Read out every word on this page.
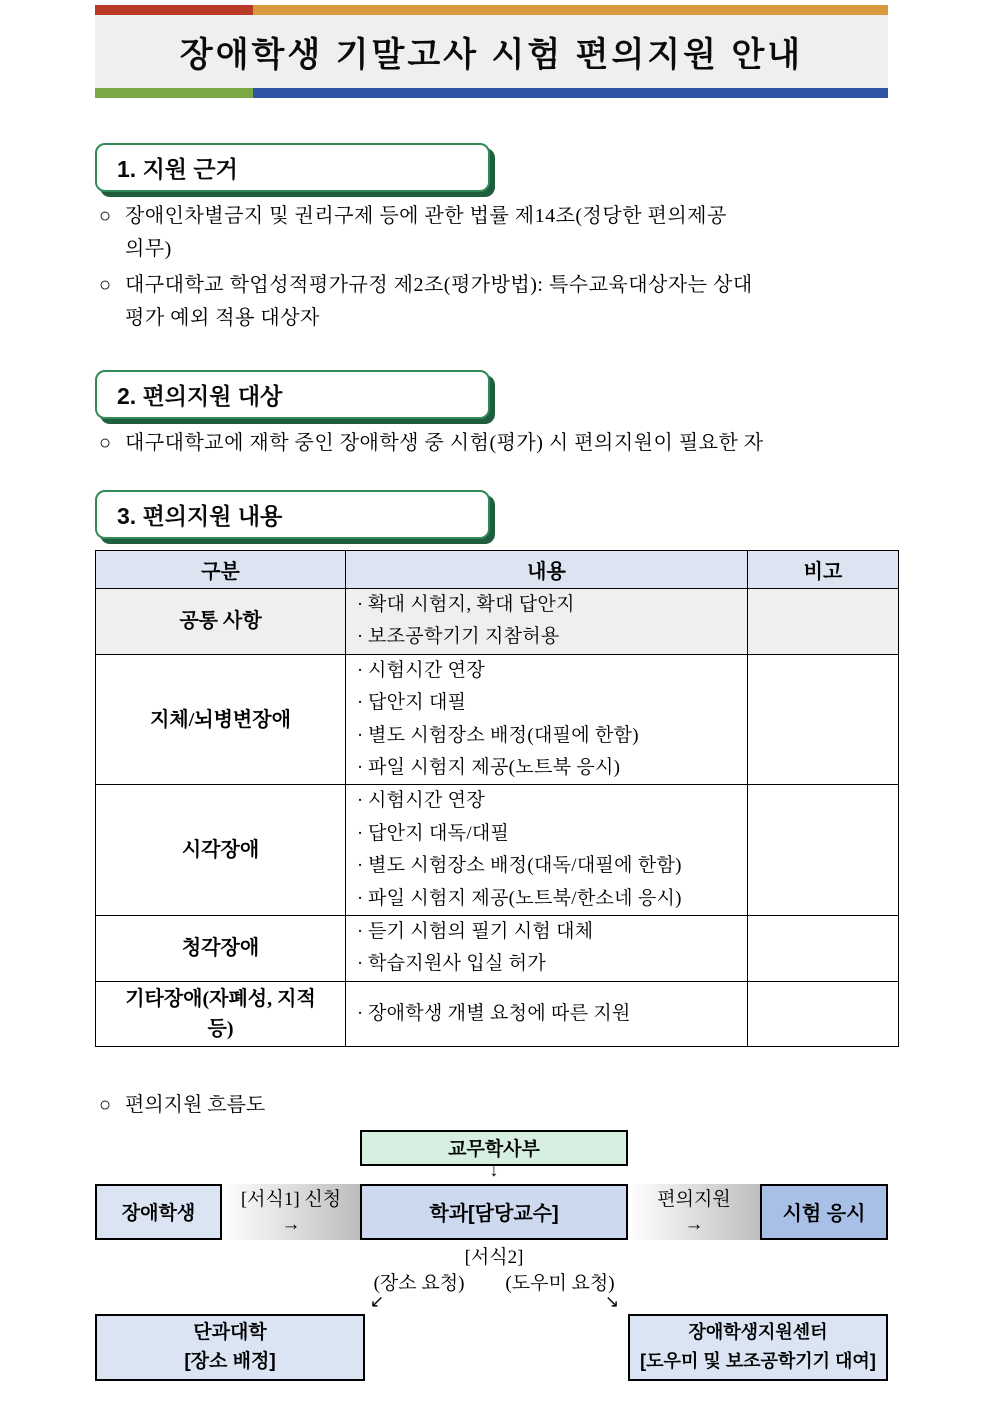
장애학생 기말고사 시험 편의지원 안내
1. 지원 근거
○ 장애인차별금지 및 권리구제 등에 관한 법률 제14조(정당한 편의제공
의무)
○ 대구대학교 학업성적평가규정 제2조(평가방법): 특수교육대상자는 상대
평가 예외 적용 대상자
2. 편의지원 대상
○ 대구대학교에 재학 중인 장애학생 중 시험(평가) 시 편의지원이 필요한 자
3. 편의지원 내용
구분	내용	비고
공통 사항	· 확대 시험지, 확대 답안지
· 보조공학기기 지참허용	

지체/뇌병변장애	
· 시험시간 연장
· 답안지 대필
· 별도 시험장소 배정(대필에 한함)
· 파일 시험지 제공(노트북 응시)

시각장애	
· 시험시간 연장
· 답안지 대독/대필
· 별도 시험장소 배정(대독/대필에 한함)
· 파일 시험지 제공(노트북/한소네 응시)

청각장애	· 듣기 시험의 필기 시험 대체
· 학습지원사 입실 허가	

기타장애(자폐성, 지적 등)	· 장애학생 개별 요청에 따른 지원	

○ 편의지원 흐름도
교무학사부
↓
장애학생
[서식1] 신청
→	학과[담당교수]
편의지원
→	시험 응시
[서식2]
(장소 요청)	(도우미 요청)
↙	↘
단과대학
[장소 배정]
장애학생지원센터
[도우미 및 보조공학기기 대여]
